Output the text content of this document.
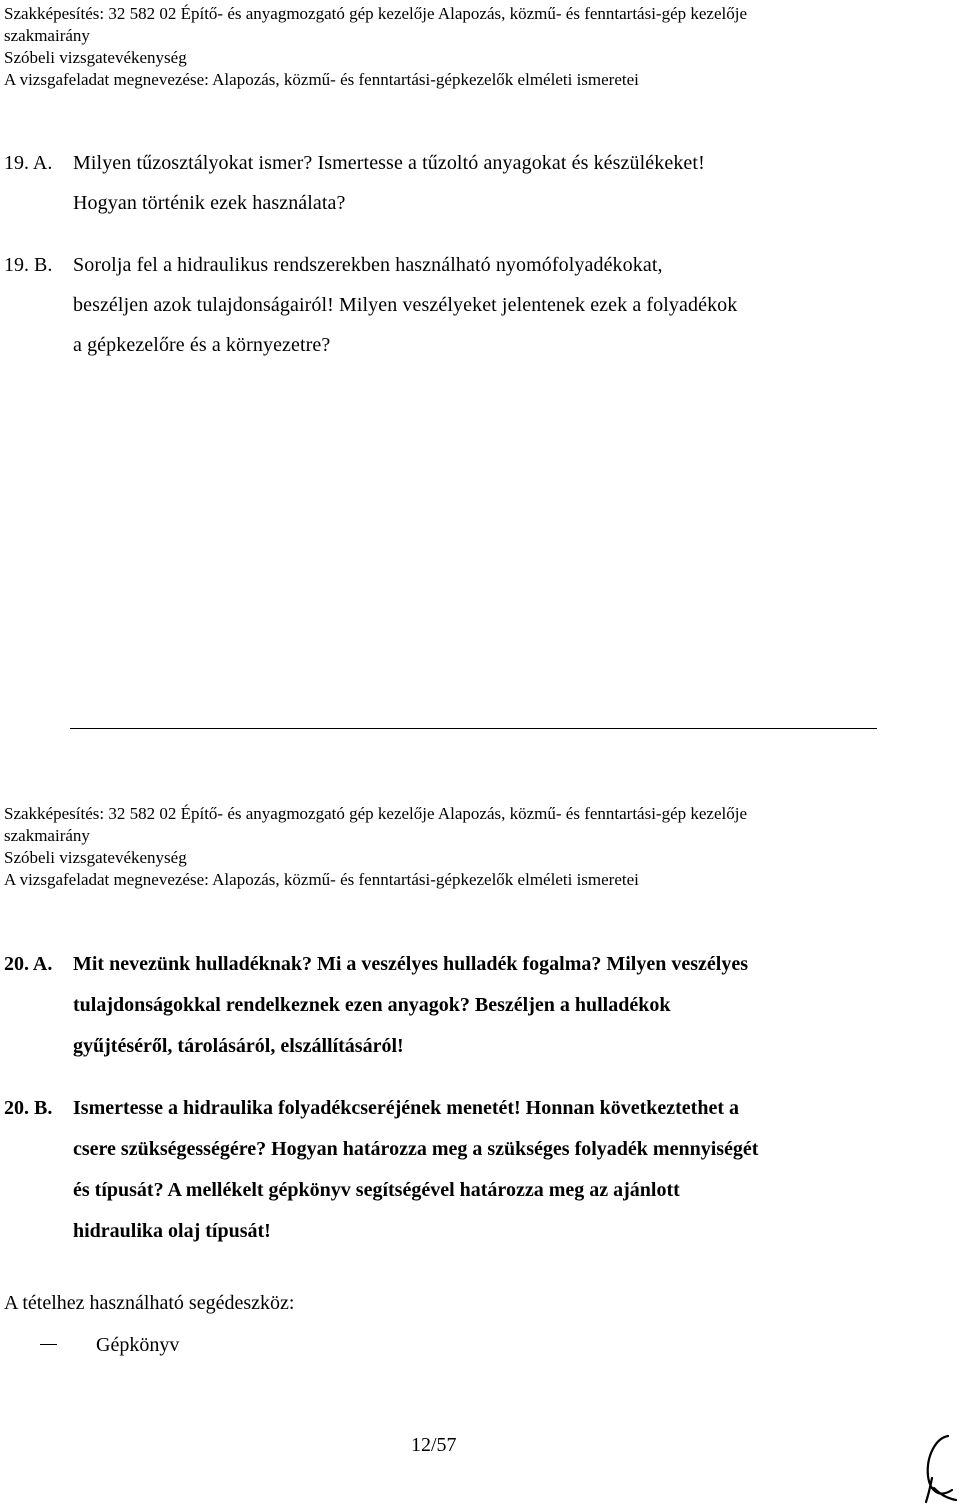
Szakképesítés: 32 582 02 Építő- és anyagmozgató gép kezelője Alapozás, közmű- és fenntartási-gép kezelője
szakmairány
Szóbeli vizsgatevékenység
A vizsgafeladat megnevezése: Alapozás, közmű- és fenntartási-gépkezelők elméleti ismeretei
19. A. Milyen tűzosztályokat ismer? Ismertesse a tűzoltó anyagokat és készülékeket!
Hogyan történik ezek használata?
19. B. Sorolja fel a hidraulikus rendszerekben használható nyomófolyadékokat,
beszéljen azok tulajdonságairól! Milyen veszélyeket jelentenek ezek a folyadékok
a gépkezelőre és a környezetre?
Szakképesítés: 32 582 02 Építő- és anyagmozgató gép kezelője Alapozás, közmű- és fenntartási-gép kezelője
szakmairány
Szóbeli vizsgatevékenység
A vizsgafeladat megnevezése: Alapozás, közmű- és fenntartási-gépkezelők elméleti ismeretei
20. A. Mit nevezünk hulladéknak? Mi a veszélyes hulladék fogalma? Milyen veszélyes
tulajdonságokkal rendelkeznek ezen anyagok? Beszéljen a hulladékok
gyűjtéséről, tárolásáról, elszállításáról!
20. B. Ismertesse a hidraulika folyadékcseréjének menetét! Honnan következtethet a
csere szükségességére? Hogyan határozza meg a szükséges folyadék mennyiségét
és típusát? A mellékelt gépkönyv segítségével határozza meg az ajánlott
hidraulika olaj típusát!
A tételhez használható segédeszköz:
Gépkönyv
12/57
